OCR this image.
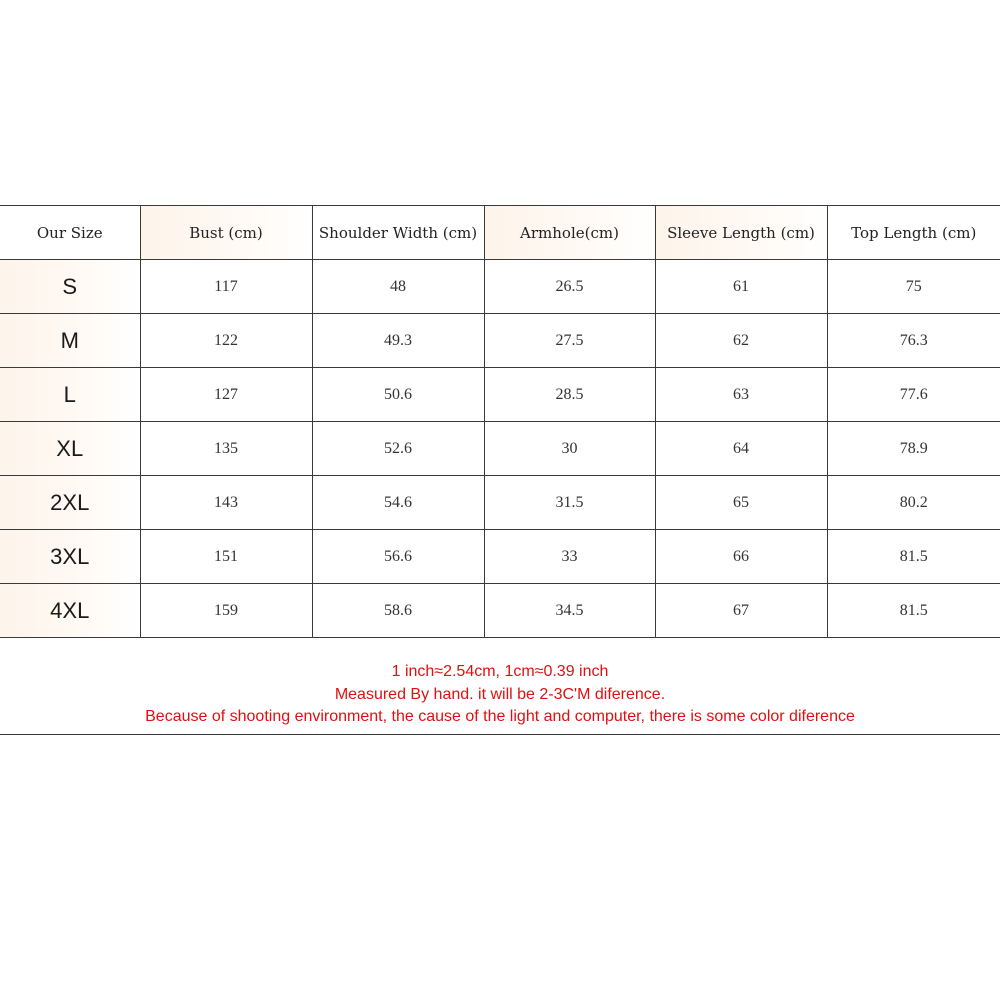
Our Size	Bust (cm)	Shoulder Width (cm)	Armhole(cm)	Sleeve Length (cm)	Top Length (cm)
S	117	48	26.5	61	75
M	122	49.3	27.5	62	76.3
L	127	50.6	28.5	63	77.6
XL	135	52.6	30	64	78.9
2XL	143	54.6	31.5	65	80.2
3XL	151	56.6	33	66	81.5
4XL	159	58.6	34.5	67	81.5
1 inch≈2.54cm, 1cm≈0.39 inch
Measured By hand. it will be 2-3C'M diference.
Because of shooting environment, the cause of the light and computer, there is some color diference
